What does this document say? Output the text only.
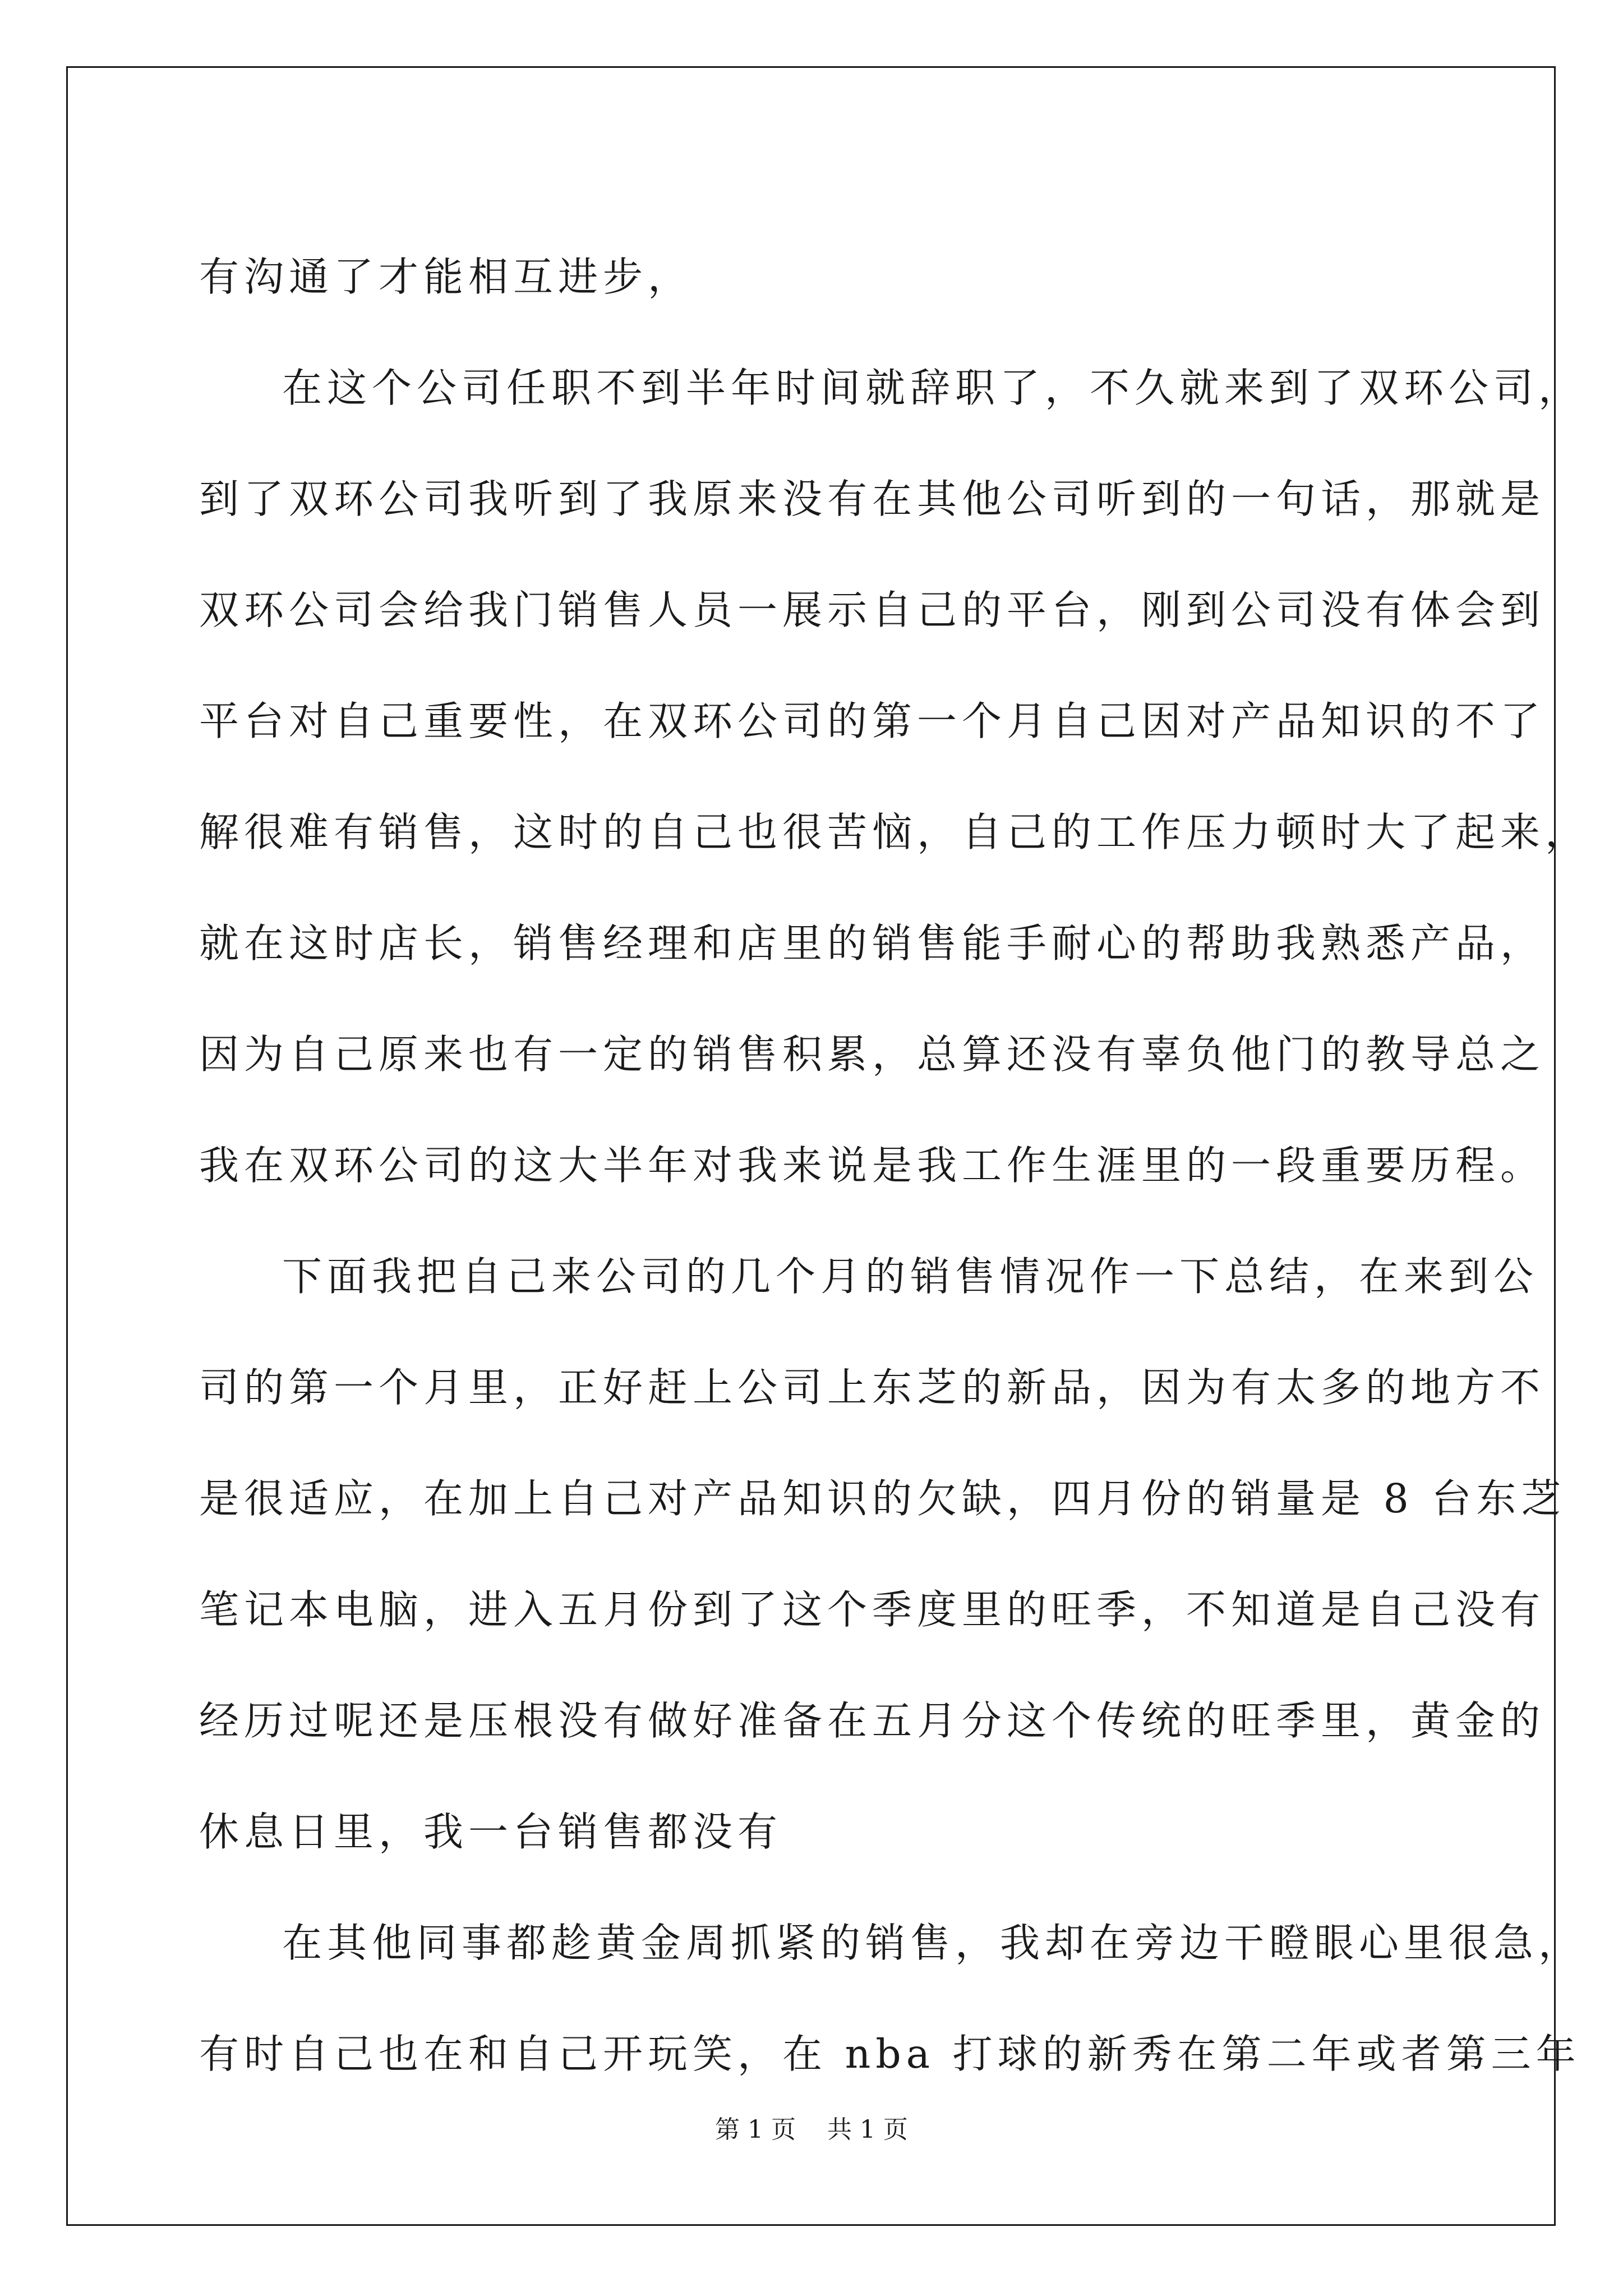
有沟通了才能相互进步，
在这个公司任职不到半年时间就辞职了，不久就来到了双环公司，
到了双环公司我听到了我原来没有在其他公司听到的一句话，那就是
双环公司会给我门销售人员一展示自己的平台，刚到公司没有体会到
平台对自己重要性，在双环公司的第一个月自己因对产品知识的不了
解很难有销售，这时的自己也很苦恼，自己的工作压力顿时大了起来，
就在这时店长，销售经理和店里的销售能手耐心的帮助我熟悉产品，
因为自己原来也有一定的销售积累，总算还没有辜负他门的教导总之
我在双环公司的这大半年对我来说是我工作生涯里的一段重要历程。
下面我把自己来公司的几个月的销售情况作一下总结，在来到公
司的第一个月里，正好赶上公司上东芝的新品，因为有太多的地方不
是很适应，在加上自己对产品知识的欠缺，四月份的销量是 8 台东芝
笔记本电脑，进入五月份到了这个季度里的旺季，不知道是自己没有
经历过呢还是压根没有做好准备在五月分这个传统的旺季里，黄金的
休息日里，我一台销售都没有
在其他同事都趁黄金周抓紧的销售，我却在旁边干瞪眼心里很急，
有时自己也在和自己开玩笑，在 nba 打球的新秀在第二年或者第三年
第 1 页    共 1 页
